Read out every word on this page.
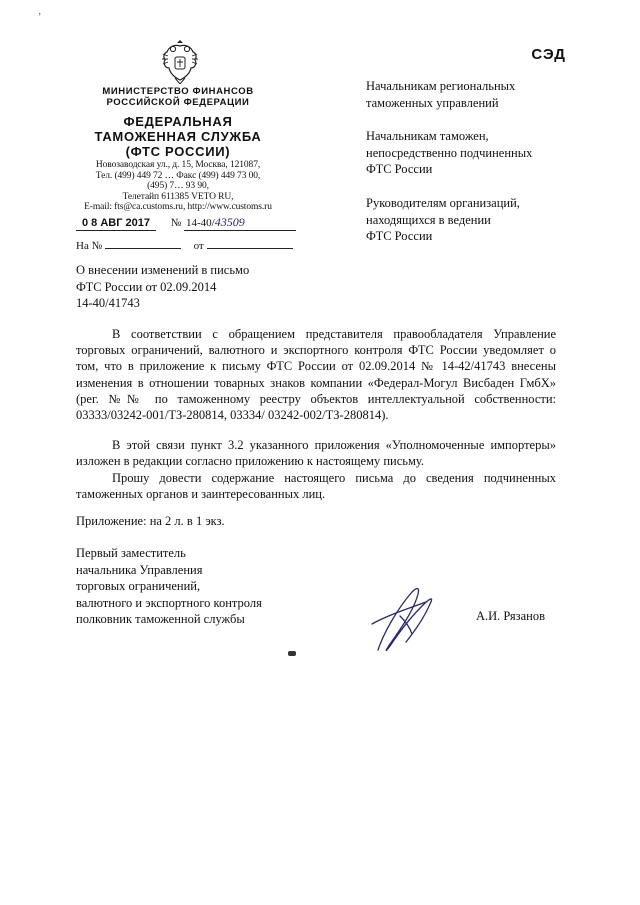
ʼ
СЭД
МИНИСТЕРСТВО ФИНАНСОВ
РОССИЙСКОЙ ФЕДЕРАЦИИ
ФЕДЕРАЛЬНАЯ
ТАМОЖЕННАЯ СЛУЖБА
(ФТС РОССИИ)
Новозаводская ул., д. 15, Москва, 121087,
Тел. (499) 449 72 … Факс (499) 449 73 00,
(495) 7… 93 90,
Телетайп 611385 VETO RU,
E-mail: fts@ca.customs.ru, http://www.customs.ru
0 8 АВГ 2017 № 14-40/43509
На №	от
Начальникам региональных
таможенных управлений
Начальникам таможен,
непосредственно подчиненных
ФТС России
Руководителям организаций,
находящихся в ведении
ФТС России
О внесении изменений в письмо
ФТС России от 02.09.2014
14-40/41743
В соответствии с обращением представителя правообладателя Управление торговых ограничений, валютного и экспортного контроля ФТС России уведомляет о том, что в приложение к письму ФТС России от 02.09.2014 № 14-42/41743 внесены изменения в отношении товарных знаков компании «Федерал-Могул Висбаден ГмбХ» (рег. №№ по таможенному реестру объектов интеллектуальной собственности: 03333/03242-001/ТЗ-280814, 03334/ 03242-002/ТЗ-280814).
В этой связи пункт 3.2 указанного приложения «Уполномоченные импортеры» изложен в редакции согласно приложению к настоящему письму.
Прошу довести содержание настоящего письма до сведения подчиненных таможенных органов и заинтересованных лиц.
Приложение: на 2 л. в 1 экз.
Первый заместитель
начальника Управления
торговых ограничений,
валютного и экспортного контроля
полковник таможенной службы	А.И. Рязанов
